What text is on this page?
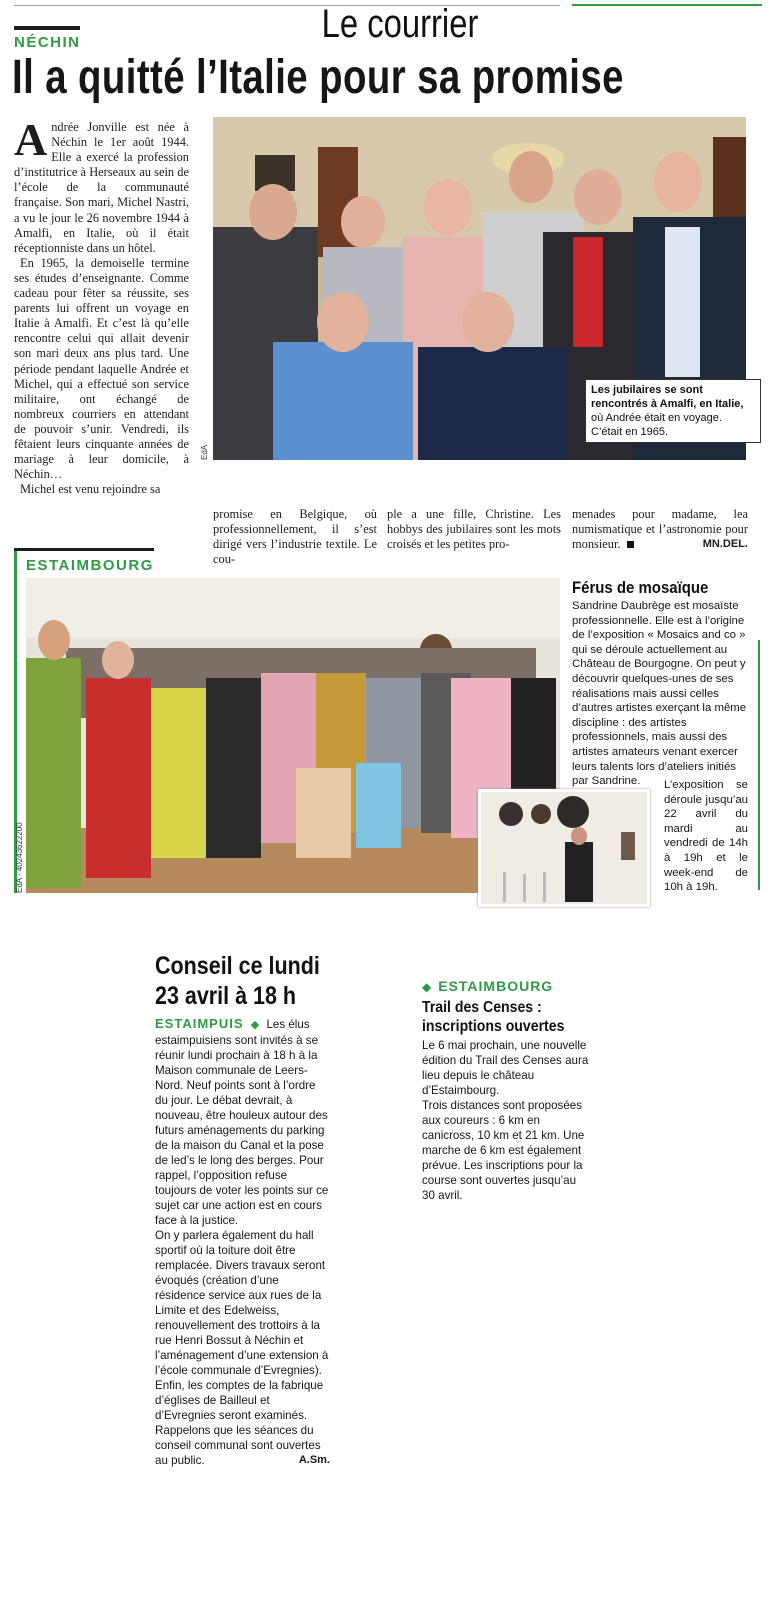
Le courrier
NÉCHIN
Il a quitté l’Italie pour sa promise
A ndrée Jonville est née à Néchin le 1er août 1944. Elle a exercé la profession d’institutrice à Herseaux au sein de l’école de la communauté française. Son mari, Michel Nastri, a vu le jour le 26 novembre 1944 à Amalfi, en Italie, où il était réceptionniste dans un hôtel.
En 1965, la demoiselle termine ses études d’enseignante. Comme cadeau pour fêter sa réussite, ses parents lui offrent un voyage en Italie à Amalfi. Et c’est là qu’elle rencontre celui qui allait devenir son mari deux ans plus tard. Une période pendant laquelle Andrée et Michel, qui a effectué son service militaire, ont échangé de nombreux courriers en attendant de pouvoir s’unir. Vendredi, ils fêtaient leurs cinquante années de mariage à leur domicile, à Néchin…
Michel est venu rejoindre sa
EdA
Les jubilaires se sont rencontrés à Amalfi, en Italie, où Andrée était en voyage. C’était en 1965.
promise en Belgique, où professionnellement, il s’est dirigé vers l’industrie textile. Le cou-
ple a une fille, Christine. Les hobbys des jubilaires sont les mots croisés et les petites pro-
menades pour madame, lea numismatique et l’astronomie pour monsieur.	MN.DEL.
ESTAIMBOURG
EdA - 40243622200
Férus de mosaïque
Sandrine Daubrège est mosaïste professionnelle. Elle est à l’origine de l’exposition « Mosaics and co » qui se déroule actuellement au Château de Bourgogne. On peut y découvrir quelques-unes de ses réalisations mais aussi celles d’autres artistes exerçant la même discipline : des artistes professionnels, mais aussi des artistes amateurs venant exercer leurs talents lors d’ateliers initiés par Sandrine.	L’exposition se déroule jusqu’au 22 avril du mardi au vendredi de 14h à 19h et le week-end de 10h à 19h.
Conseil ce lundi
23 avril à 18 h
ESTAIMPUIS ◆ Les élus estaimpuisiens sont invités à se réunir lundi prochain à 18 h à la Maison communale de Leers-Nord. Neuf points sont à l’ordre du jour. Le débat devrait, à nouveau, être houleux autour des futurs aménagements du parking de la maison du Canal et la pose de led’s le long des berges. Pour rappel, l’opposition refuse toujours de voter les points sur ce sujet car une action est en cours face à la justice.
On y parlera également du hall sportif où la toiture doit être remplacée. Divers travaux seront évoqués (création d’une résidence service aux rues de la Limite et des Edelweiss, renouvellement des trottoirs à la rue Henri Bossut à Néchin et l’aménagement d’une extension à l’école communale d’Evregnies).
Enfin, les comptes de la fabrique d’églises de Bailleul et d’Evregnies seront examinés.
Rappelons que les séances du conseil communal sont ouvertes au public.	A.Sm.
◆ ESTAIMBOURG
Trail des Censes :
inscriptions ouvertes
Le 6 mai prochain, une nouvelle édition du Trail des Censes aura lieu depuis le château d’Estaimbourg.
Trois distances sont proposées aux coureurs : 6 km en canicross, 10 km et 21 km. Une marche de 6 km est également prévue. Les inscriptions pour la course sont ouvertes jusqu’au 30 avril.
